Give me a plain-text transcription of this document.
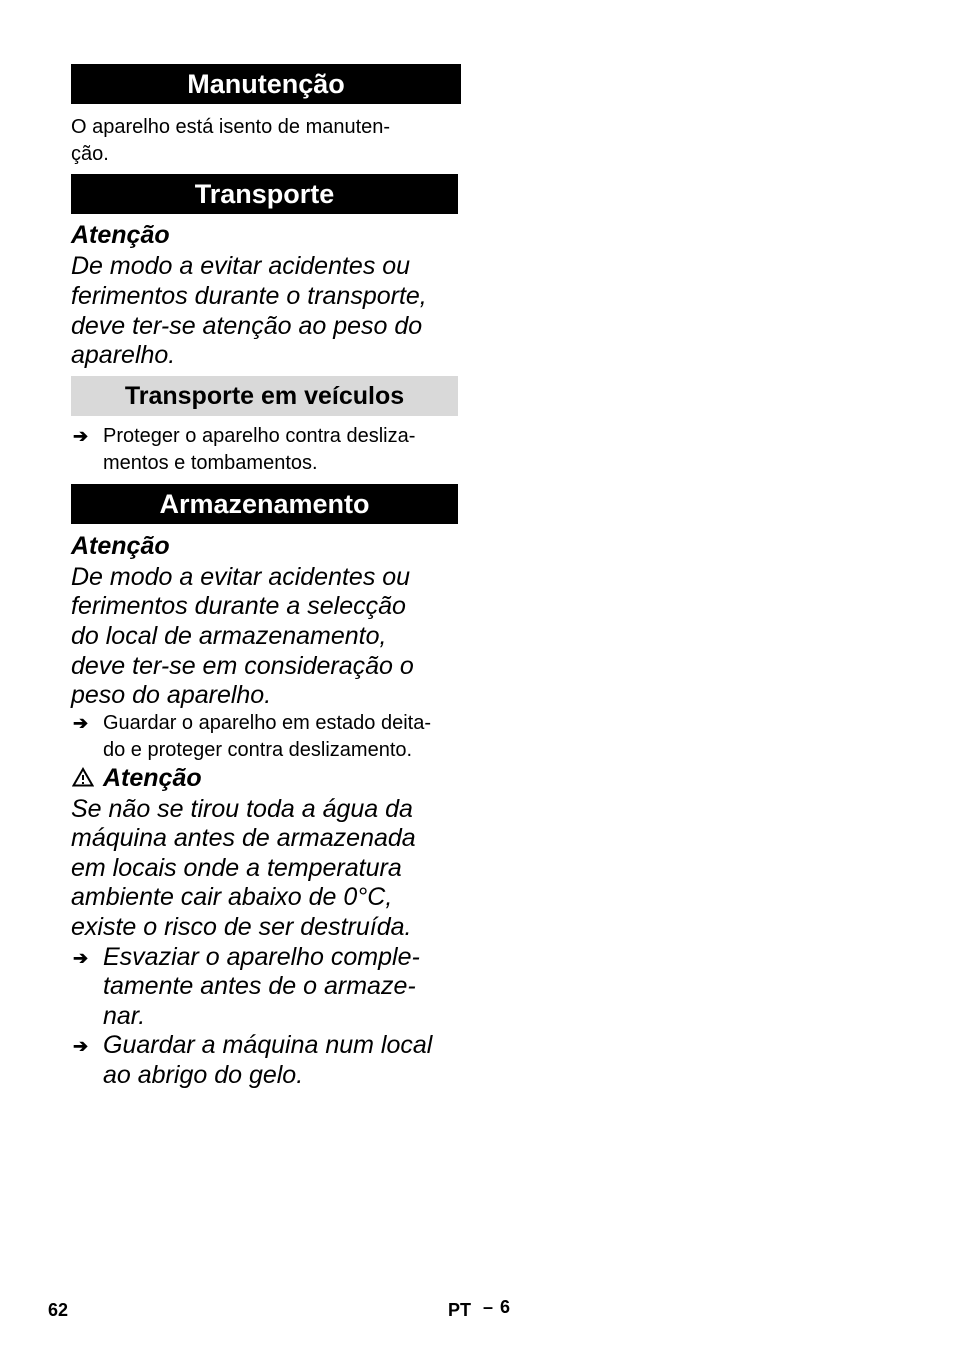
Manutenção
O aparelho está isento de manuten-
ção.
Transporte
Atenção
De modo a evitar acidentes ou
ferimentos durante o transporte,
deve ter-se atenção ao peso do
aparelho.
Transporte em veículos
➔ Proteger o aparelho contra desliza-
mentos e tombamentos.
Armazenamento
Atenção
De modo a evitar acidentes ou
ferimentos durante a selecção
do local de armazenamento,
deve ter-se em consideração o
peso do aparelho.
➔ Guardar o aparelho em estado deita-
do e proteger contra deslizamento.
Atenção
Se não se tirou toda a água da
máquina antes de armazenada
em locais onde a temperatura
ambiente cair abaixo de 0°C,
existe o risco de ser destruída.
➔ Esvaziar o aparelho comple-
tamente antes de o armaze-
nar.
➔ Guardar a máquina num local
ao abrigo do gelo.
62	PT – 6
